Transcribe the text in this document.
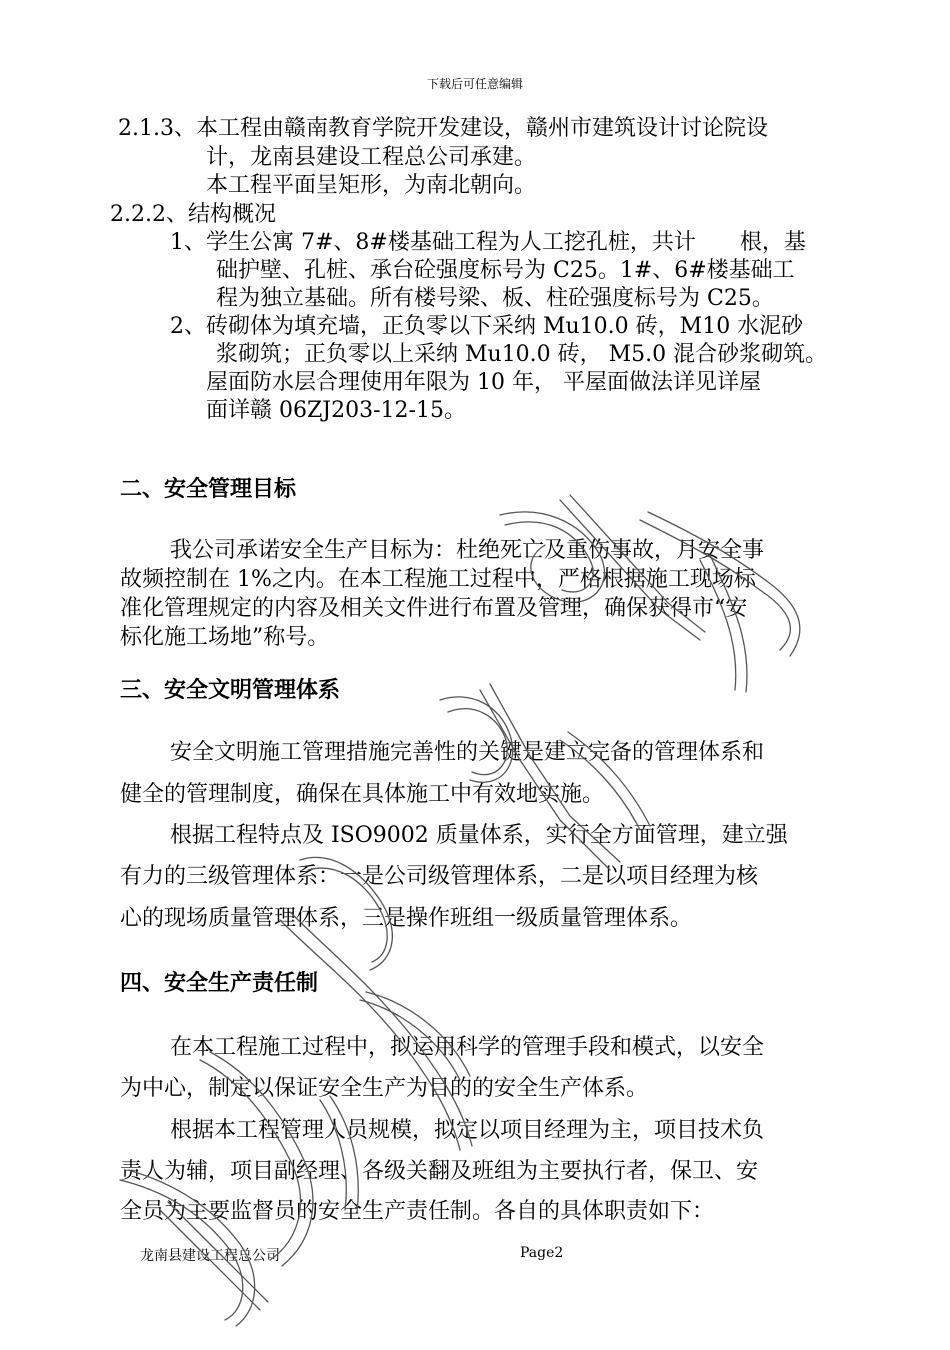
下载后可任意编辑
2.1.3、本工程由赣南教育学院开发建设，赣州市建筑设计讨论院设
计，龙南县建设工程总公司承建。
本工程平面呈矩形，为南北朝向。
2.2.2、结构概况
1、学生公寓 7#、8#楼基础工程为人工挖孔桩，共计　　根，基
础护壁、孔桩、承台砼强度标号为 C25。1#、6#楼基础工
程为独立基础。所有楼号梁、板、柱砼强度标号为 C25。
2、砖砌体为填充墙，正负零以下采纳 Mu10.0 砖，M10 水泥砂
浆砌筑；正负零以上采纳 Mu10.0 砖， M5.0 混合砂浆砌筑。
屋面防水层合理使用年限为 10 年， 平屋面做法详见详屋
面详赣 06ZJ203-12-15。
二、安全管理目标
我公司承诺安全生产目标为：杜绝死亡及重伤事故，月安全事
故频控制在 1%之内。在本工程施工过程中，严格根据施工现场标
准化管理规定的内容及相关文件进行布置及管理，确保获得市“安
标化施工场地”称号。
三、安全文明管理体系
安全文明施工管理措施完善性的关键是建立完备的管理体系和
健全的管理制度，确保在具体施工中有效地实施。
根据工程特点及 ISO9002 质量体系，实行全方面管理，建立强
有力的三级管理体系：一是公司级管理体系，二是以项目经理为核
心的现场质量管理体系，三是操作班组一级质量管理体系。
四、安全生产责任制
在本工程施工过程中，拟运用科学的管理手段和模式，以安全
为中心，制定以保证安全生产为目的的安全生产体系。
根据本工程管理人员规模，拟定以项目经理为主，项目技术负
责人为辅，项目副经理、各级关翻及班组为主要执行者，保卫、安
全员为主要监督员的安全生产责任制。各自的具体职责如下：
龙南县建设工程总公司	Page2
